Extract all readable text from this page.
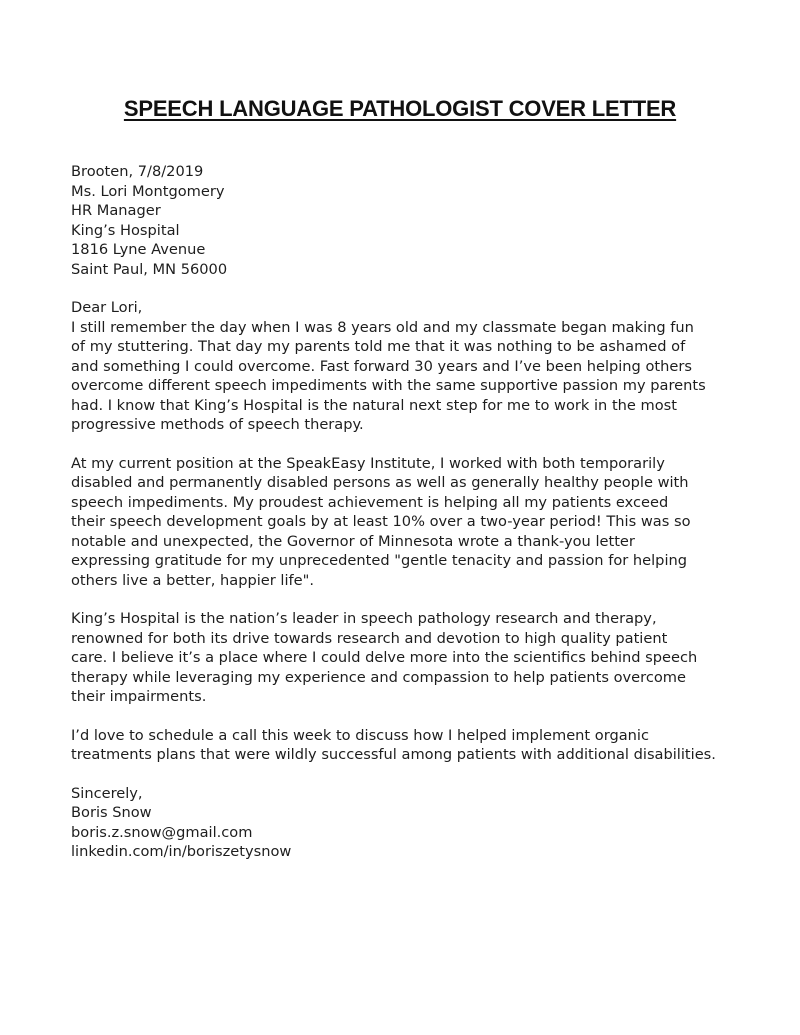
SPEECH LANGUAGE PATHOLOGIST COVER LETTER

Brooten, 7/8/2019

Ms. Lori Montgomery
HR Manager
King’s Hospital
1816 Lyne Avenue
Saint Paul, MN 56000

Dear Lori,

I still remember the day when I was 8 years old and my classmate began making fun
of my stuttering. That day my parents told me that it was nothing to be ashamed of
and something I could overcome. Fast forward 30 years and I’ve been helping others
overcome different speech impediments with the same supportive passion my parents
had. I know that King’s Hospital is the natural next step for me to work in the most
progressive methods of speech therapy.
At my current position at the SpeakEasy Institute, I worked with both temporarily
disabled and permanently disabled persons as well as generally healthy people with
speech impediments. My proudest achievement is helping all my patients exceed
their speech development goals by at least 10% over a two-year period! This was so
notable and unexpected, the Governor of Minnesota wrote a thank-you letter
expressing gratitude for my unprecedented "gentle tenacity and passion for helping
others live a better, happier life".
King’s Hospital is the nation’s leader in speech pathology research and therapy,
renowned for both its drive towards research and devotion to high quality patient
care. I believe it’s a place where I could delve more into the scientifics behind speech
therapy while leveraging my experience and compassion to help patients overcome
their impairments.
I’d love to schedule a call this week to discuss how I helped implement organic
treatments plans that were wildly successful among patients with additional disabilities.

Sincerely,

Boris Snow
boris.z.snow@gmail.com
linkedin.com/in/boriszetysnow
